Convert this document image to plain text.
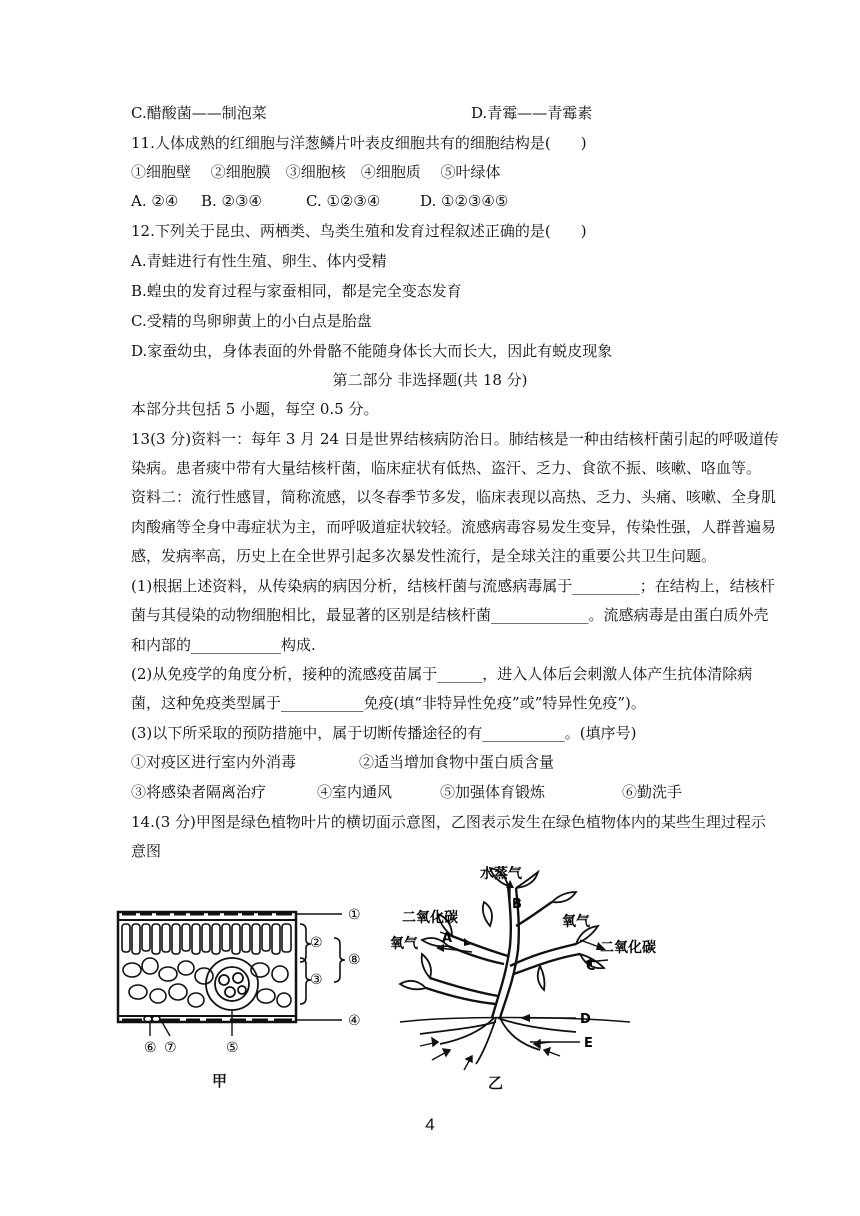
C.醋酸菌——制泡菜	D.青霉——青霉素
11.人体成熟的红细胞与洋葱鳞片叶表皮细胞共有的细胞结构是(　　)
①细胞壁　 ②细胞膜　③细胞核　④细胞质　 ⑤叶绿体
A. ②④ B. ②③④	C. ①②③④	D. ①②③④⑤
12.下列关于昆虫、两栖类、鸟类生殖和发育过程叙述正确的是(　　)
A.青蛙进行有性生殖、卵生、体内受精
B.蝗虫的发育过程与家蚕相同，都是完全变态发育
C.受精的鸟卵卵黄上的小白点是胎盘
D.家蚕幼虫，身体表面的外骨骼不能随身体长大而长大，因此有蜕皮现象
第二部分 非选择题(共 18 分)
本部分共包括 5 小题，每空 0.5 分。
13(3 分)资料一：每年 3 月 24 日是世界结核病防治日。肺结核是一种由结核杆菌引起的呼吸道传
染病。患者痰中带有大量结核杆菌，临床症状有低热、盗汗、乏力、食欲不振、咳嗽、咯血等。
资料二：流行性感冒，简称流感，以冬春季节多发，临床表现以高热、乏力、头痛、咳嗽、全身肌
肉酸痛等全身中毒症状为主，而呼吸道症状较轻。流感病毒容易发生变异，传染性强，人群普遍易
感，发病率高，历史上在全世界引起多次暴发性流行，是全球关注的重要公共卫生问题。
(1)根据上述资料，从传染病的病因分析，结核杆菌与流感病毒属于_________；在结构上，结核杆
菌与其侵染的动物细胞相比，最显著的区别是结核杆菌_____________。流感病毒是由蛋白质外壳
和内部的____________构成.
(2)从免疫学的角度分析，接种的流感疫苗属于______，进入人体后会刺激人体产生抗体清除病
菌，这种免疫类型属于___________免疫(填“非特异性免疫”或”特异性免疫”)。
(3)以下所采取的预防措施中，属于切断传播途径的有___________。(填序号)
①对疫区进行室内外消毒	②适当增加食物中蛋白质含量
③将感染者隔离治疗	④室内通风	⑤加强体育锻炼	⑥勤洗手
14.(3 分)甲图是绿色植物叶片的横切面示意图，乙图表示发生在绿色植物体内的某些生理过程示
意图
①
②
③
④
⑤
⑥ ⑦
⑧
甲
水蒸气
B
二氧化碳
氧气 A
氧气
二氧化碳
C
D
E
乙
4
